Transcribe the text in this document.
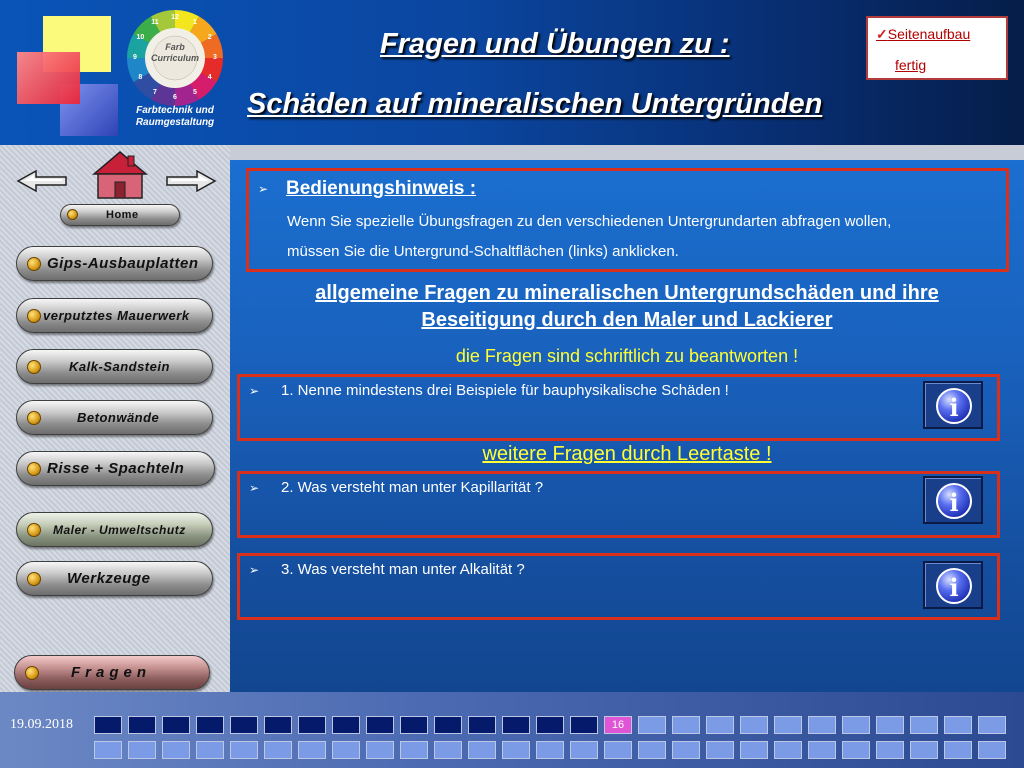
Farb
Curriculum
12
1
2
3
4
5
6
7
8
9
10
11
Farbtechnik und
Raumgestaltung
Fragen und Übungen zu :
Schäden auf mineralischen Untergründen
✓Seitenaufbau
fertig
Home
Gips-Ausbauplatten
verputztes Mauerwerk
Kalk-Sandstein
Betonwände
Risse + Spachteln
Maler - Umweltschutz
Werkzeuge
Fragen
➢ Bedienungshinweis :
Wenn Sie spezielle Übungsfragen zu den verschiedenen Untergrundarten abfragen wollen,
müssen Sie die Untergrund-Schaltflächen (links) anklicken.
allgemeine Fragen zu mineralischen Untergrundschäden und ihre
Beseitigung durch den Maler und Lackierer
die Fragen sind schriftlich zu beantworten !
➢ 1. Nenne mindestens drei Beispiele für bauphysikalische Schäden !
i
weitere Fragen durch Leertaste !
➢ 2. Was versteht man unter Kapillarität ?
i
➢ 3. Was versteht man unter Alkalität ?
i
19.09.2018	16
